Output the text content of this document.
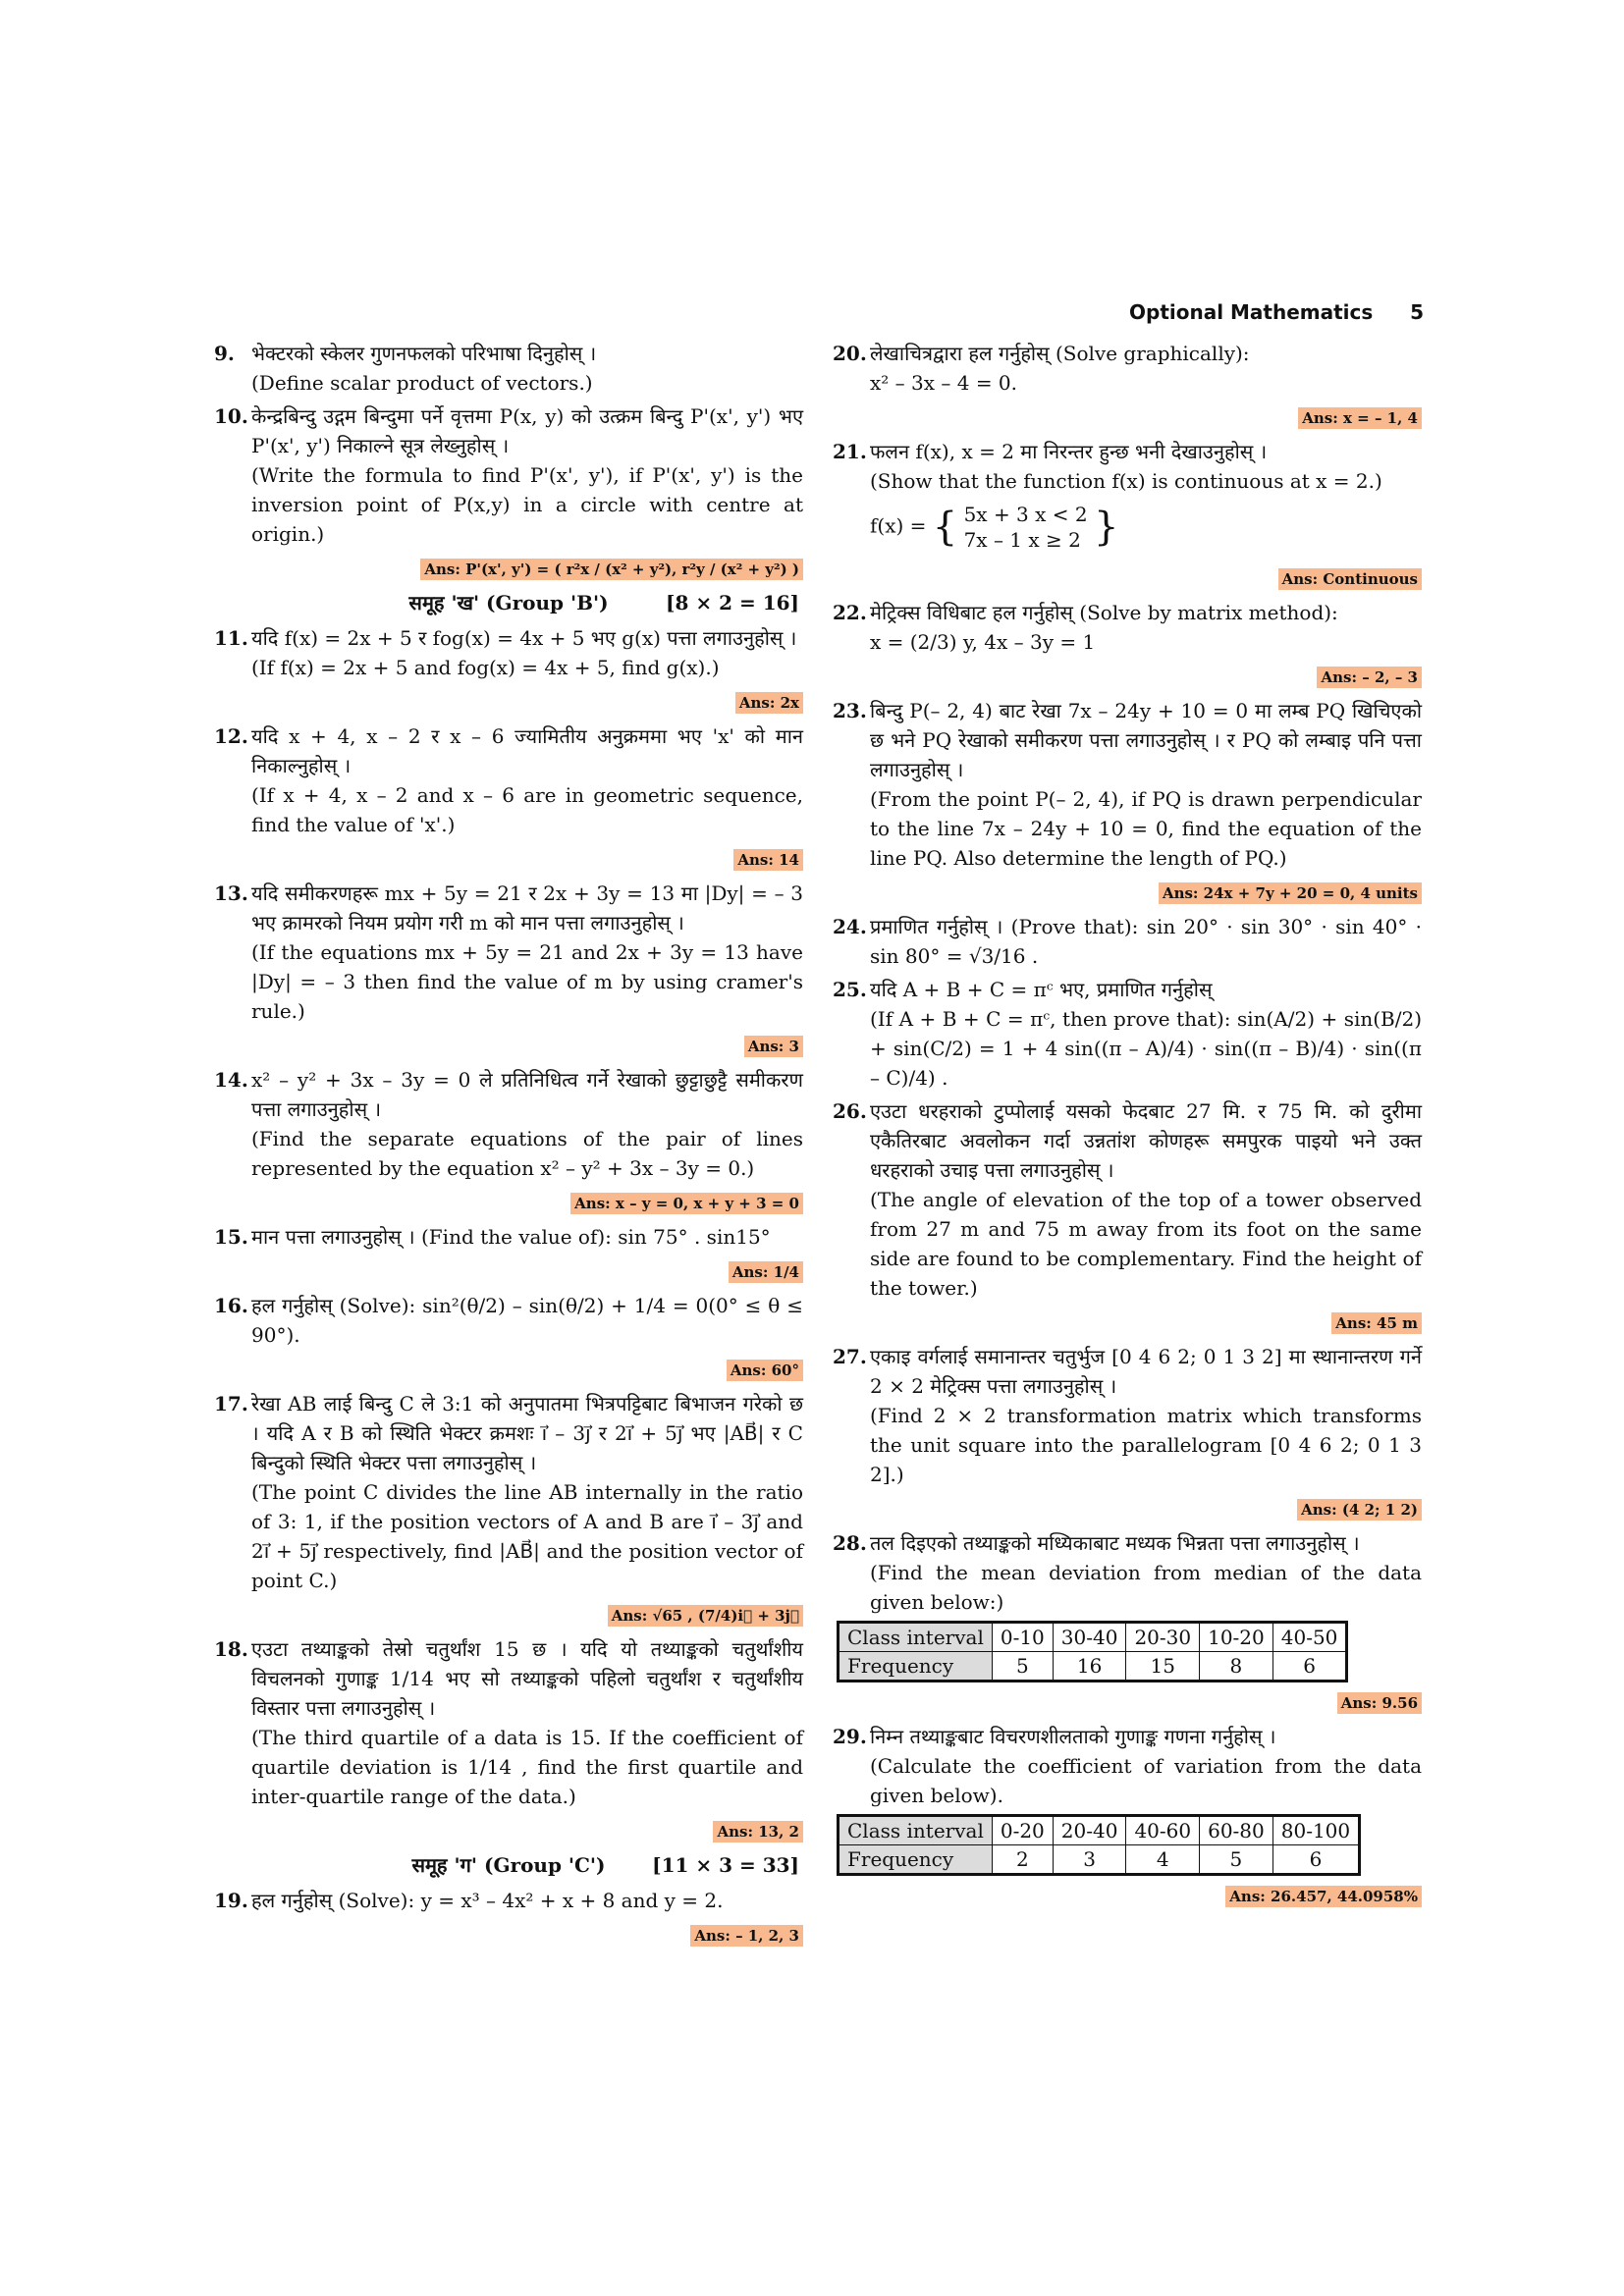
Optional Mathematics 5
9. भेक्टरको स्केलर गुणनफलको परिभाषा दिनुहोस् ।
(Define scalar product of vectors.)
10. केन्द्रबिन्दु उद्गम बिन्दुमा पर्ने वृत्तमा P(x, y) को उत्क्रम बिन्दु P'(x', y') भए P'(x', y') निकाल्ने सूत्र लेख्नुहोस् ।
(Write the formula to find P'(x', y'), if P'(x', y') is the inversion point of P(x,y) in a circle with centre at origin.)
Ans: P'(x', y') = ( r²x / (x² + y²), r²y / (x² + y²) )
समूह 'ख' (Group 'B')	[8 × 2 = 16]
11. यदि f(x) = 2x + 5 र fog(x) = 4x + 5 भए g(x) पत्ता लगाउनुहोस् ।
(If f(x) = 2x + 5 and fog(x) = 4x + 5, find g(x).)
Ans: 2x
12. यदि x + 4, x – 2 र x – 6 ज्यामितीय अनुक्रममा भए 'x' को मान निकाल्नुहोस् ।
(If x + 4, x – 2 and x – 6 are in geometric sequence, find the value of 'x'.)
Ans: 14
13. यदि समीकरणहरू mx + 5y = 21 र 2x + 3y = 13 मा |Dy| = – 3 भए क्रामरको नियम प्रयोग गरी m को मान पत्ता लगाउनुहोस् ।
(If the equations mx + 5y = 21 and 2x + 3y = 13 have |Dy| = – 3 then find the value of m by using cramer's rule.)
Ans: 3
14. x² – y² + 3x – 3y = 0 ले प्रतिनिधित्व गर्ने रेखाको छुट्टाछुट्टै समीकरण पत्ता लगाउनुहोस् ।
(Find the separate equations of the pair of lines represented by the equation x² – y² + 3x – 3y = 0.)
Ans: x – y = 0, x + y + 3 = 0
15. मान पत्ता लगाउनुहोस् । (Find the value of): sin 75° . sin15°
Ans: 1/4
16. हल गर्नुहोस् (Solve): sin²(θ/2) – sin(θ/2) + 1/4 = 0(0° ≤ θ ≤ 90°).
Ans: 60°
17. रेखा AB लाई बिन्दु C ले 3:1 को अनुपातमा भित्रपट्टिबाट बिभाजन गरेको छ । यदि A र B को स्थिति भेक्टर क्रमशः i⃗ – 3j⃗ र 2i⃗ + 5j⃗ भए |AB⃗| र C बिन्दुको स्थिति भेक्टर पत्ता लगाउनुहोस् ।
(The point C divides the line AB internally in the ratio of 3: 1, if the position vectors of A and B are i⃗ – 3j⃗ and 2i⃗ + 5j⃗ respectively, find |AB⃗| and the position vector of point C.)
Ans: √65 , (7/4)i⃗ + 3j⃗
18. एउटा तथ्याङ्कको तेस्रो चतुर्थांश 15 छ । यदि यो तथ्याङ्कको चतुर्थांशीय विचलनको गुणाङ्क 1/14 भए सो तथ्याङ्कको पहिलो चतुर्थांश र चतुर्थांशीय विस्तार पत्ता लगाउनुहोस् ।
(The third quartile of a data is 15. If the coefficient of quartile deviation is 1/14 , find the first quartile and inter-quartile range of the data.)
Ans: 13, 2
समूह 'ग' (Group 'C') [11 × 3 = 33]
19. हल गर्नुहोस् (Solve): y = x³ – 4x² + x + 8 and y = 2.
Ans: – 1, 2, 3
20. लेखाचित्रद्वारा हल गर्नुहोस् (Solve graphically):
x² – 3x – 4 = 0.
Ans: x = – 1, 4
21. फलन f(x), x = 2 मा निरन्तर हुन्छ भनी देखाउनुहोस् ।
(Show that the function f(x) is continuous at x = 2.)
f(x) = { 5x + 3 x < 2
7x – 1 x ≥ 2 }
Ans: Continuous
22. मेट्रिक्स विधिबाट हल गर्नुहोस् (Solve by matrix method):
x = (2/3) y, 4x – 3y = 1
Ans: – 2, – 3
23. बिन्दु P(– 2, 4) बाट रेखा 7x – 24y + 10 = 0 मा लम्ब PQ खिचिएको छ भने PQ रेखाको समीकरण पत्ता लगाउनुहोस् । र PQ को लम्बाइ पनि पत्ता लगाउनुहोस् ।
(From the point P(– 2, 4), if PQ is drawn perpendicular to the line 7x – 24y + 10 = 0, find the equation of the line PQ. Also determine the length of PQ.)
Ans: 24x + 7y + 20 = 0, 4 units
24. प्रमाणित गर्नुहोस् । (Prove that): sin 20° · sin 30° · sin 40° · sin 80° = √3/16 .
25. यदि A + B + C = πᶜ भए, प्रमाणित गर्नुहोस्
(If A + B + C = πᶜ, then prove that): sin(A/2) + sin(B/2) + sin(C/2) = 1 + 4 sin((π – A)/4) · sin((π – B)/4) · sin((π – C)/4) .
26. एउटा धरहराको टुप्पोलाई यसको फेदबाट 27 मि. र 75 मि. को दुरीमा एकैतिरबाट अवलोकन गर्दा उन्नतांश कोणहरू समपुरक पाइयो भने उक्त धरहराको उचाइ पत्ता लगाउनुहोस् ।
(The angle of elevation of the top of a tower observed from 27 m and 75 m away from its foot on the same side are found to be complementary. Find the height of the tower.)
Ans: 45 m
27. एकाइ वर्गलाई समानान्तर चतुर्भुज [0 4 6 2; 0 1 3 2] मा स्थानान्तरण गर्ने 2 × 2 मेट्रिक्स पत्ता लगाउनुहोस् ।
(Find 2 × 2 transformation matrix which transforms the unit square into the parallelogram [0 4 6 2; 0 1 3 2].)
Ans: (4 2; 1 2)
28. तल दिइएको तथ्याङ्कको मध्यिकाबाट मध्यक भिन्नता पत्ता लगाउनुहोस् ।
(Find the mean deviation from median of the data given below:)
Class interval	0-10	30-40	20-30	10-20	40-50
Frequency	5	16	15	8	6
Ans: 9.56
29. निम्न तथ्याङ्कबाट विचरणशीलताको गुणाङ्क गणना गर्नुहोस् ।
(Calculate the coefficient of variation from the data given below).
Class interval	0-20	20-40	40-60	60-80	80-100
Frequency	2	3	4	5	6
Ans: 26.457, 44.0958%
